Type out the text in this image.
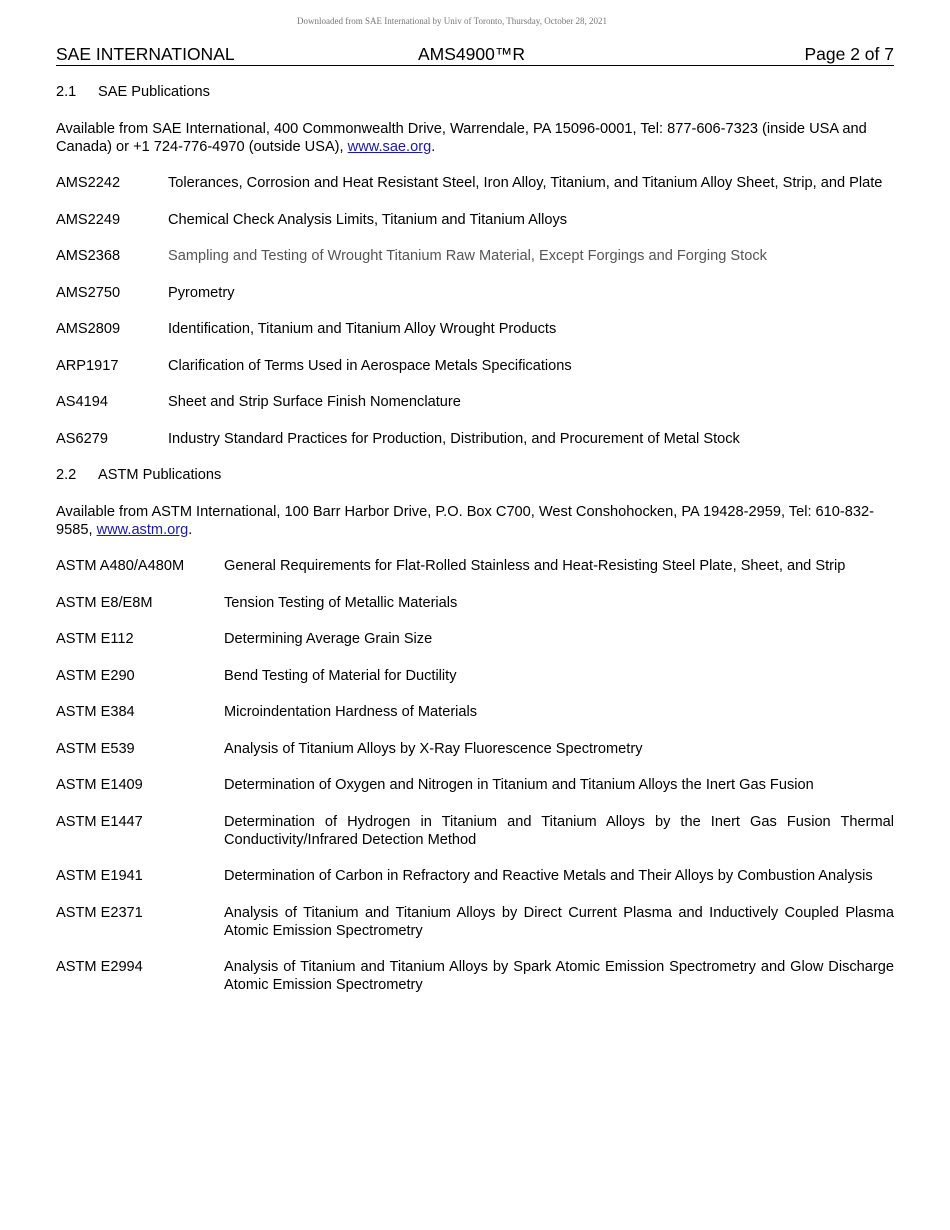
Downloaded from SAE International by Univ of Toronto, Thursday, October 28, 2021
SAE INTERNATIONAL	AMS4900™R	Page 2 of 7
2.1 SAE Publications
Available from SAE International, 400 Commonwealth Drive, Warrendale, PA 15096-0001, Tel: 877-606-7323 (inside USA and Canada) or +1 724-776-4970 (outside USA), www.sae.org.
AMS2242	Tolerances, Corrosion and Heat Resistant Steel, Iron Alloy, Titanium, and Titanium Alloy Sheet, Strip, and Plate
AMS2249	Chemical Check Analysis Limits, Titanium and Titanium Alloys
AMS2368	Sampling and Testing of Wrought Titanium Raw Material, Except Forgings and Forging Stock
AMS2750	Pyrometry
AMS2809	Identification, Titanium and Titanium Alloy Wrought Products
ARP1917	Clarification of Terms Used in Aerospace Metals Specifications
AS4194	Sheet and Strip Surface Finish Nomenclature
AS6279	Industry Standard Practices for Production, Distribution, and Procurement of Metal Stock
2.2 ASTM Publications
Available from ASTM International, 100 Barr Harbor Drive, P.O. Box C700, West Conshohocken, PA 19428-2959, Tel: 610-832-9585, www.astm.org.
ASTM A480/A480M	General Requirements for Flat-Rolled Stainless and Heat-Resisting Steel Plate, Sheet, and Strip
ASTM E8/E8M	Tension Testing of Metallic Materials
ASTM E112	Determining Average Grain Size
ASTM E290	Bend Testing of Material for Ductility
ASTM E384	Microindentation Hardness of Materials
ASTM E539	Analysis of Titanium Alloys by X-Ray Fluorescence Spectrometry
ASTM E1409	Determination of Oxygen and Nitrogen in Titanium and Titanium Alloys the Inert Gas Fusion
ASTM E1447	Determination of Hydrogen in Titanium and Titanium Alloys by the Inert Gas Fusion Thermal Conductivity/Infrared Detection Method
ASTM E1941	Determination of Carbon in Refractory and Reactive Metals and Their Alloys by Combustion Analysis
ASTM E2371	Analysis of Titanium and Titanium Alloys by Direct Current Plasma and Inductively Coupled Plasma Atomic Emission Spectrometry
ASTM E2994	Analysis of Titanium and Titanium Alloys by Spark Atomic Emission Spectrometry and Glow Discharge Atomic Emission Spectrometry
